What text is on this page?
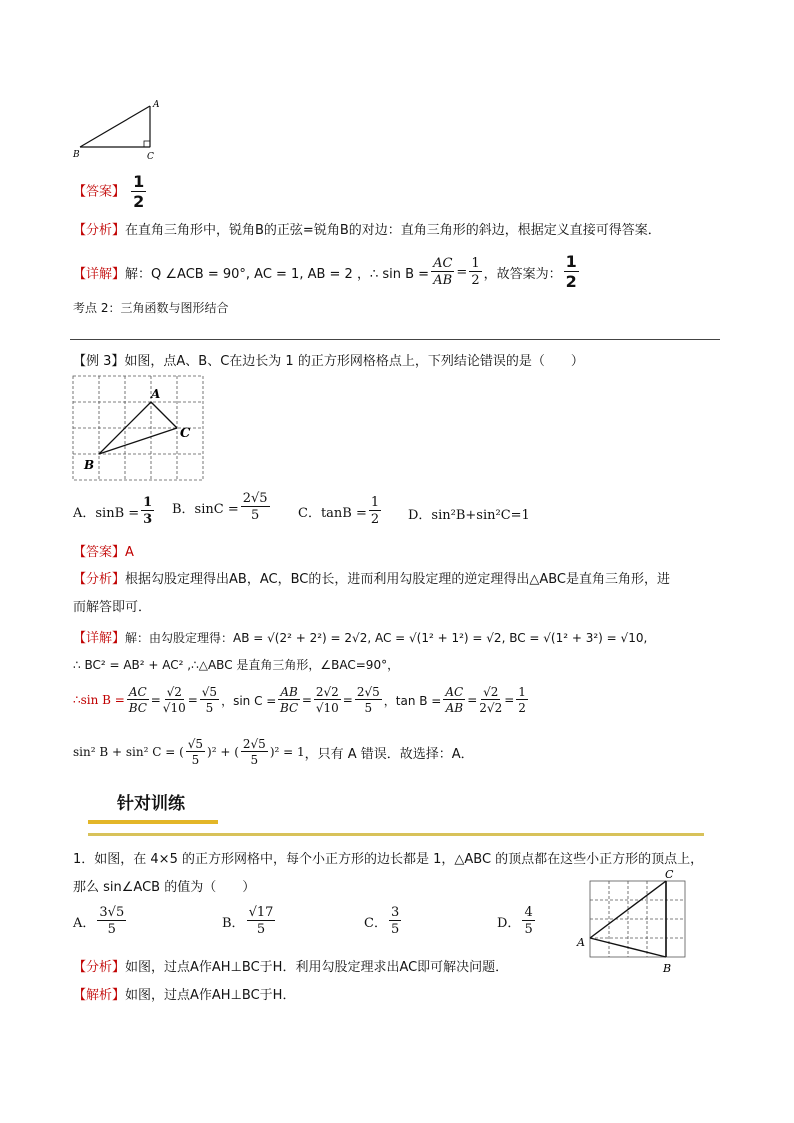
A
B	C
【答案】 $\frac{1}{2}$
【分析】在直角三角形中，锐角B的正弦=锐角B的对边：直角三角形的斜边，根据定义直接可得答案．
【详解】 解：Q ∠ACB = 90°, AC = 1, AB = 2 ，∴ $\sin B = \frac{AC}{AB} = \frac{1}{2}$ ，故答案为： $\frac{1}{2}$
考点 2：三角函数与图形结合
【例 3】如图，点A、B、C在边长为 1 的正方形网格格点上，下列结论错误的是（　　）
A
C
B
A．$\sin B = \frac{1}{3}$ B．$\sin C = \frac{2√5}{5}$ C．$\tan B = \frac{1}{2}$ D．sin²B+sin²C=1
【答案】A
【分析】根据勾股定理得出AB，AC，BC的长，进而利用勾股定理的逆定理得出△ABC是直角三角形，进
而解答即可．
【详解】解：由勾股定理得：AB = √(2² + 2²) = 2√2, AC = √(1² + 1²) = √2, BC = √(1² + 3²) = √10,
∴ BC² = AB² + AC² ,∴△ABC 是直角三角形，∠BAC=90°，
∴sin $B = \frac{AC}{BC} = \frac{√2}{√10} = \frac{√5}{5}$ ，$\sin C = \frac{AB}{BC} = \frac{2√2}{√10} = \frac{2√5}{5}$ ，$\tan B = \frac{AC}{AB} = \frac{√2}{2√2} = \frac{1}{2}$
sin² B + sin² C = ( $\frac{√5}{5} )^2$ + ( $\frac{2√5}{5} )^2 = 1$ ，只有 A 错误．故选择：A．
针对训练
1．如图，在 4×5 的正方形网格中，每个小正方形的边长都是 1，△ABC 的顶点都在这些小正方形的顶点上，
那么 sin∠ACB 的值为（　　）
A． $\frac{3√5}{5}$	B． $\frac{√17}{5}$	C． $\frac{3}{5}$	D． $\frac{4}{5}$
【分析】如图，过点A作AH⊥BC于H．利用勾股定理求出AC即可解决问题．
【解析】如图，过点A作AH⊥BC于H．
C
A
B
